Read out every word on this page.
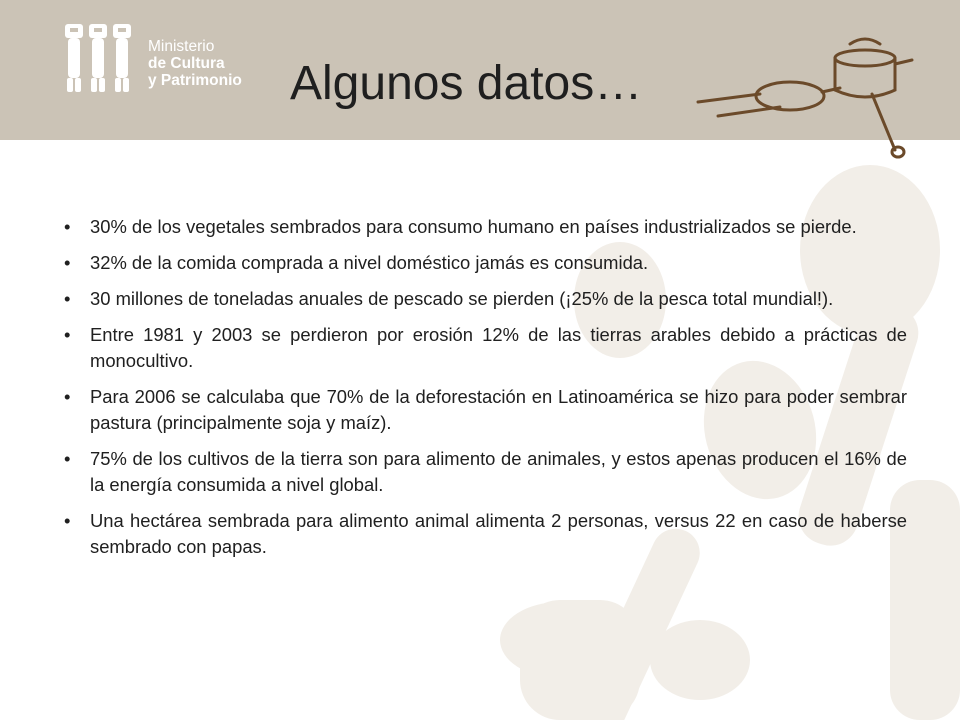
Ministerio
de Cultura
y Patrimonio Algunos datos…
• 30% de los vegetales sembrados para consumo humano en países industrializados se pierde.
• 32% de la comida comprada a nivel doméstico jamás es consumida.
• 30 millones de toneladas anuales de pescado se pierden (¡25% de la pesca total mundial!).
• Entre 1981 y 2003 se perdieron por erosión 12% de las tierras arables debido a prácticas de monocultivo.
• Para 2006 se calculaba que 70% de la deforestación en Latinoamérica se hizo para poder sembrar pastura (principalmente soja y maíz).
• 75% de los cultivos de la tierra son para alimento de animales, y estos apenas producen el 16% de la energía consumida a nivel global.
• Una hectárea sembrada para alimento animal alimenta 2 personas, versus 22 en caso de haberse sembrado con papas.
